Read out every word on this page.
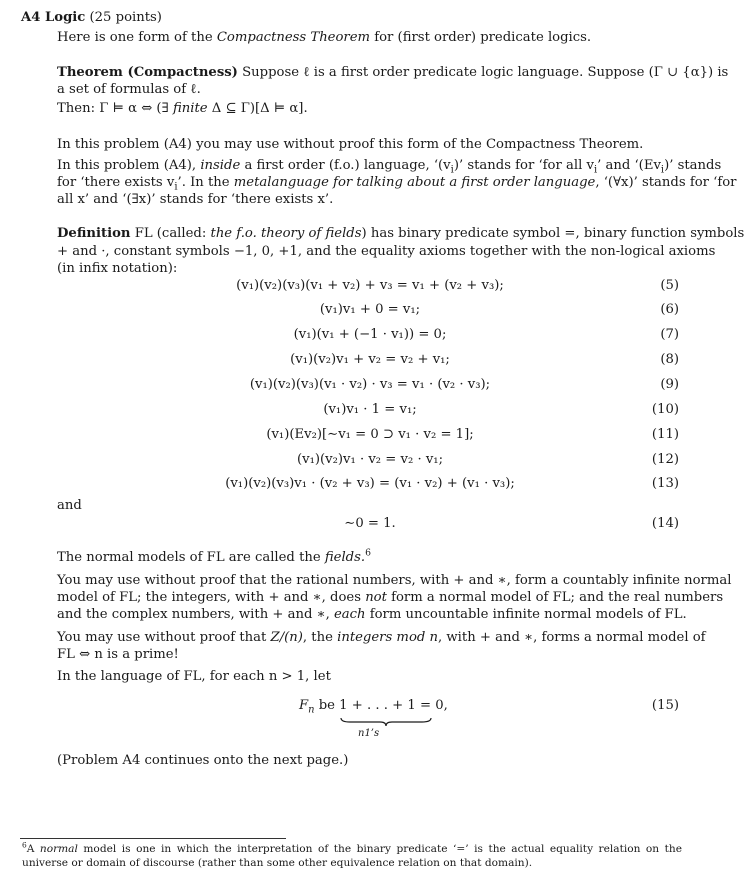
A4 Logic (25 points)
Here is one form of the Compactness Theorem for (first order) predicate logics.
Theorem (Compactness) Suppose ℓ is a first order predicate logic language. Suppose (Γ ∪ {α}) is
a set of formulas of ℓ.
Then: Γ ⊨ α ⇔ (∃ finite Δ ⊆ Γ)[Δ ⊨ α].
In this problem (A4) you may use without proof this form of the Compactness Theorem.
In this problem (A4), inside a first order (f.o.) language, ‘$(v_i)$’ stands for ‘for all $v_i$’ and ‘$(Ev_i)$’ stands
for ‘there exists $v_i$’. In the metalanguage for talking about a first order language, ‘(∀x)’ stands for ‘for
all x’ and ‘(∃x)’ stands for ‘there exists x’.
Definition FL (called: the f.o. theory of fields) has binary predicate symbol =, binary function symbols
+ and ·, constant symbols −1, 0, +1, and the equality axioms together with the non-logical axioms
(in infix notation):
(v₁)(v₂)(v₃)(v₁ + v₂) + v₃ = v₁ + (v₂ + v₃);	(5)
(v₁)v₁ + 0 = v₁;	(6)
(v₁)(v₁ + (−1 · v₁)) = 0;	(7)
(v₁)(v₂)v₁ + v₂ = v₂ + v₁;	(8)
(v₁)(v₂)(v₃)(v₁ · v₂) · v₃ = v₁ · (v₂ · v₃);	(9)
(v₁)v₁ · 1 = v₁;	(10)
(v₁)(Ev₂)[∼v₁ = 0 ⊃ v₁ · v₂ = 1];	(11)
(v₁)(v₂)v₁ · v₂ = v₂ · v₁;	(12)
(v₁)(v₂)(v₃)v₁ · (v₂ + v₃) = (v₁ · v₂) + (v₁ · v₃);	(13)
and
∼0 = 1.	(14)
The normal models of FL are called the fields.$^6$
You may use without proof that the rational numbers, with + and ∗, form a countably infinite normal
model of FL; the integers, with + and ∗, does not form a normal model of FL; and the real numbers
and the complex numbers, with + and ∗, each form uncountable infinite normal models of FL.
You may use without proof that Z/(n), the integers mod n, with + and ∗, forms a normal model of
FL ⇔ n is a prime!
In the language of FL, for each n > 1, let
$F_n$ be 1 + . . . + 1 = 0,
n1’s
(15)
(Problem A4 continues onto the next page.)
$^6$A normal model is one in which the interpretation of the binary predicate ‘=’ is the actual equality relation on the universe or domain of discourse (rather than some other equivalence relation on that domain).
